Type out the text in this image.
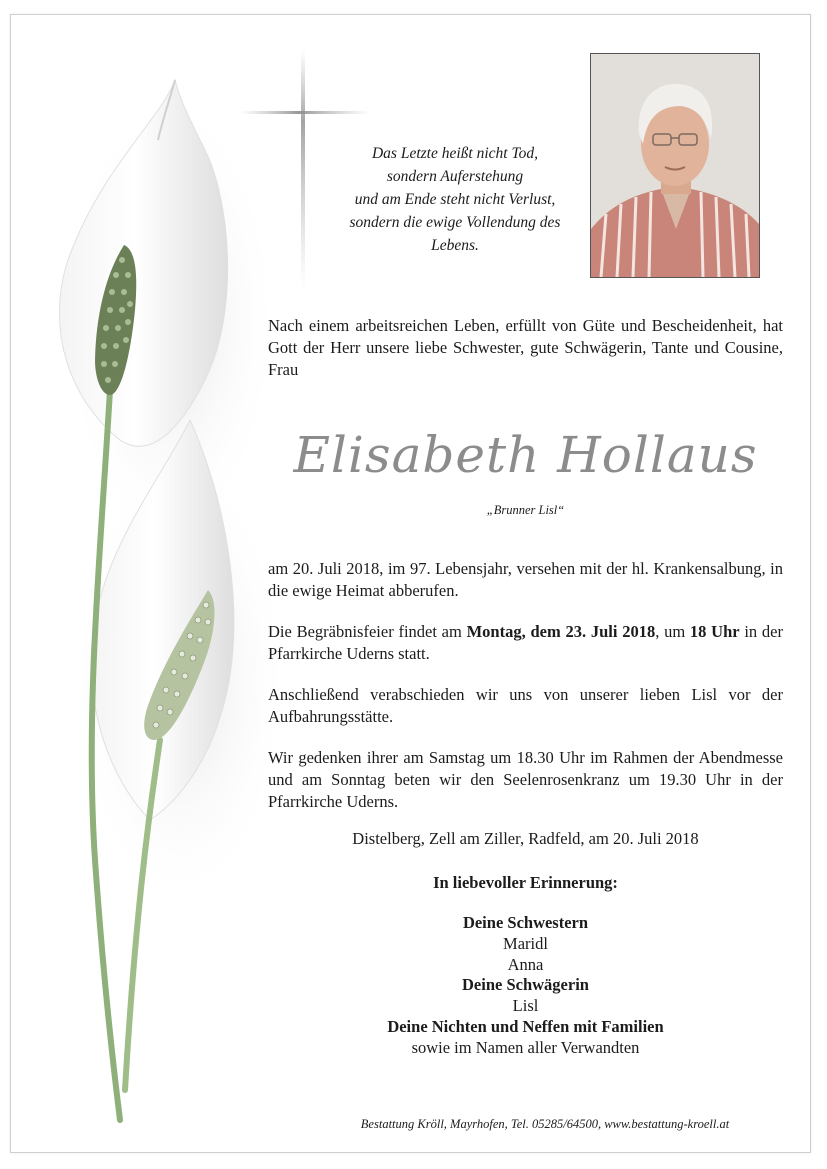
Das Letzte heißt nicht Tod,
sondern Auferstehung
und am Ende steht nicht Verlust,
sondern die ewige Vollendung des
Lebens.

Nach einem arbeitsreichen Leben, erfüllt von Güte und Bescheidenheit, hat Gott der Herr unsere liebe Schwester, gute Schwägerin, Tante und Cousine, Frau

Elisabeth Hollaus
„Brunner Lisl“

am 20. Juli 2018, im 97. Lebensjahr, versehen mit der hl. Krankensalbung, in die ewige Heimat abberufen.

Die Begräbnisfeier findet am Montag, dem 23. Juli 2018, um 18 Uhr in der Pfarrkirche Uderns statt.

Anschließend verabschieden wir uns von unserer lieben Lisl vor der Aufbahrungsstätte.

Wir gedenken ihrer am Samstag um 18.30 Uhr im Rahmen der Abendmesse und am Sonntag beten wir den Seelenrosenkranz um 19.30 Uhr in der Pfarrkirche Uderns.

Distelberg, Zell am Ziller, Radfeld, am 20. Juli 2018
In liebevoller Erinnerung:
Deine Schwestern
Maridl
Anna
Deine Schwägerin
Lisl
Deine Nichten und Neffen mit Familien
sowie im Namen aller Verwandten
Bestattung Kröll, Mayrhofen, Tel. 05285/64500, www.bestattung-kroell.at
